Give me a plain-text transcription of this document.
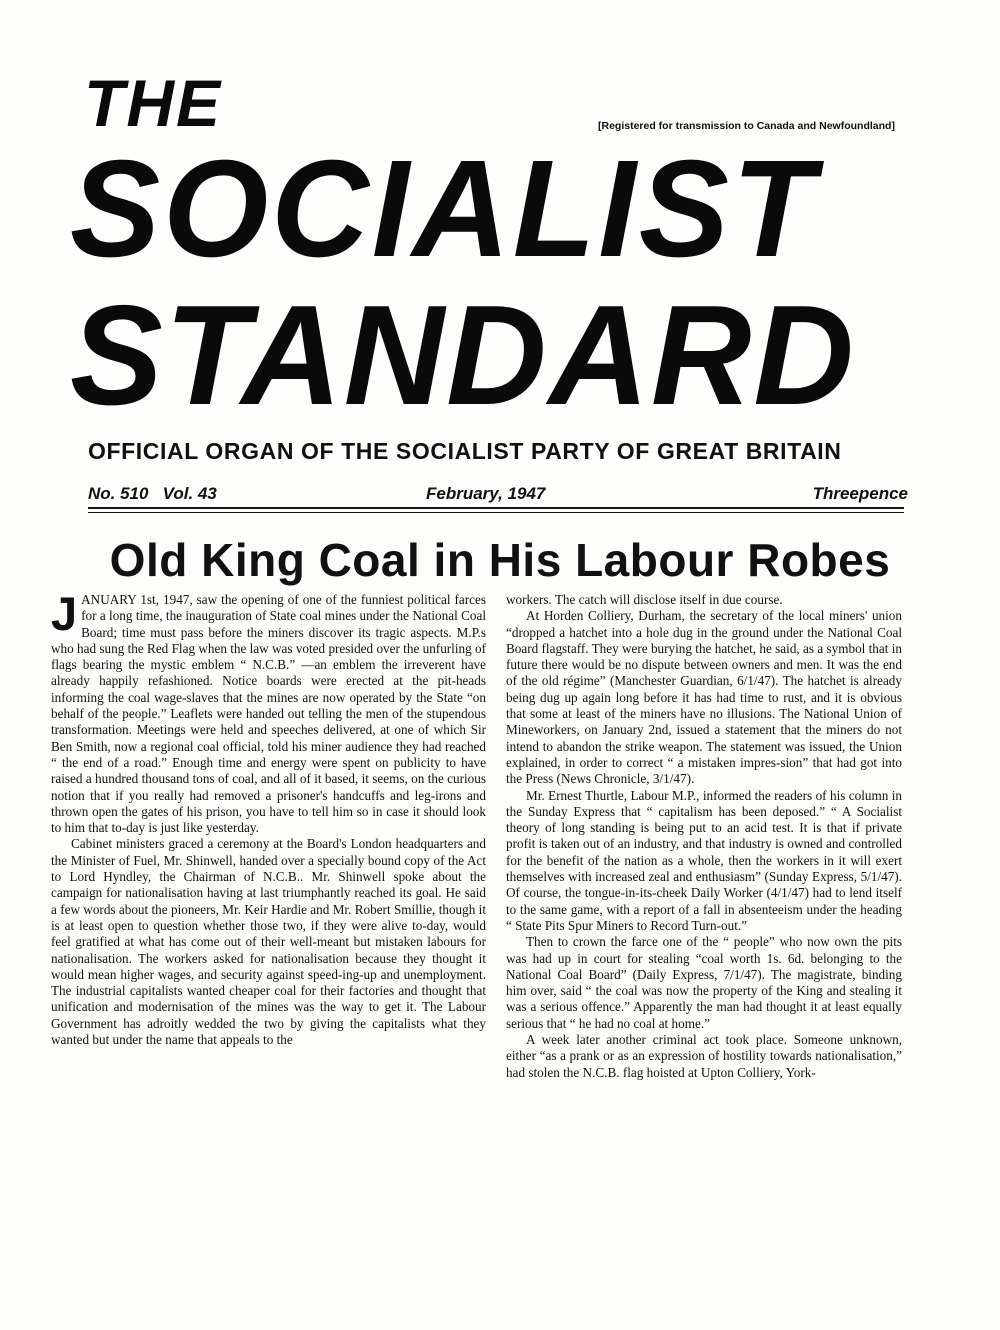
THE	[Registered for transmission to Canada and Newfoundland]
SOCIALIST
STANDARD
OFFICIAL ORGAN OF THE SOCIALIST PARTY OF GREAT BRITAIN
No. 510 Vol. 43	February, 1947	Threepence
Old King Coal in His Labour Robes

JANUARY 1st, 1947, saw the opening of one of the funniest political farces for a long time, the inauguration of State coal mines under the National Coal Board; time must pass before the miners discover its tragic aspects. M.P.s who had sung the Red Flag when the law was voted presided over the unfurling of flags bearing the mystic emblem “ N.C.B.” —an emblem the irreverent have already happily refashioned. Notice boards were erected at the pit-heads informing the coal wage-slaves that the mines are now operated by the State “on behalf of the people.” Leaflets were handed out telling the men of the stupendous transformation. Meetings were held and speeches delivered, at one of which Sir Ben Smith, now a regional coal official, told his miner audience they had reached “ the end of a road.” Enough time and energy were spent on publicity to have raised a hundred thousand tons of coal, and all of it based, it seems, on the curious notion that if you really had removed a prisoner's handcuffs and leg-irons and thrown open the gates of his prison, you have to tell him so in case it should look to him that to-day is just like yesterday.

Cabinet ministers graced a ceremony at the Board's London headquarters and the Minister of Fuel, Mr. Shinwell, handed over a specially bound copy of the Act to Lord Hyndley, the Chairman of N.C.B.. Mr. Shinwell spoke about the campaign for nationalisation having at last triumphantly reached its goal. He said a few words about the pioneers, Mr. Keir Hardie and Mr. Robert Smillie, though it is at least open to question whether those two, if they were alive to-day, would feel gratified at what has come out of their well-meant but mistaken labours for nationalisation. The workers asked for nationalisation because they thought it would mean higher wages, and security against speed-ing-up and unemployment. The industrial capitalists wanted cheaper coal for their factories and thought that unification and modernisation of the mines was the way to get it. The Labour Government has adroitly wedded the two by giving the capitalists what they wanted but under the name that appeals to the

workers. The catch will disclose itself in due course.

At Horden Colliery, Durham, the secretary of the local miners' union “dropped a hatchet into a hole dug in the ground under the National Coal Board flagstaff. They were burying the hatchet, he said, as a symbol that in future there would be no dispute between owners and men. It was the end of the old régime” (Manchester Guardian, 6/1/47). The hatchet is already being dug up again long before it has had time to rust, and it is obvious that some at least of the miners have no illusions. The National Union of Mineworkers, on January 2nd, issued a statement that the miners do not intend to abandon the strike weapon. The statement was issued, the Union explained, in order to correct “ a mistaken impres-sion” that had got into the Press (News Chronicle, 3/1/47).

Mr. Ernest Thurtle, Labour M.P., informed the readers of his column in the Sunday Express that “ capitalism has been deposed.” “ A Socialist theory of long standing is being put to an acid test. It is that if private profit is taken out of an industry, and that industry is owned and controlled for the benefit of the nation as a whole, then the workers in it will exert themselves with increased zeal and enthusiasm” (Sunday Express, 5/1/47). Of course, the tongue-in-its-cheek Daily Worker (4/1/47) had to lend itself to the same game, with a report of a fall in absenteeism under the heading “ State Pits Spur Miners to Record Turn-out.”

Then to crown the farce one of the “ people” who now own the pits was had up in court for stealing “coal worth 1s. 6d. belonging to the National Coal Board” (Daily Express, 7/1/47). The magistrate, binding him over, said “ the coal was now the property of the King and stealing it was a serious offence.” Apparently the man had thought it at least equally serious that “ he had no coal at home.”

A week later another criminal act took place. Someone unknown, either “as a prank or as an expression of hostility towards nationalisation,” had stolen the N.C.B. flag hoisted at Upton Colliery, York-
